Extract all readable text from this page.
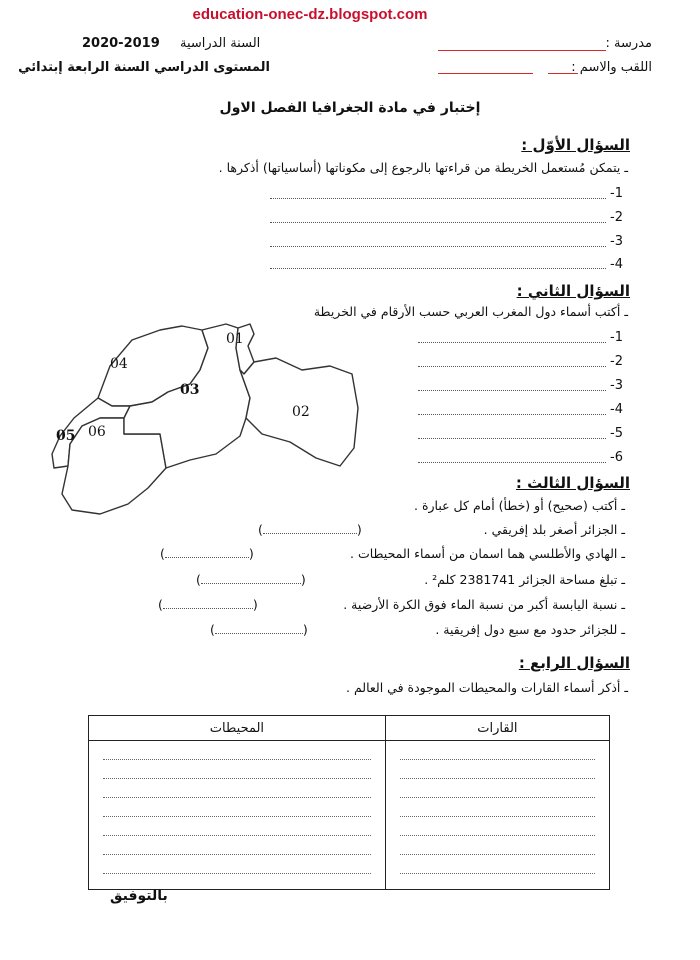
education-onec-dz.blogspot.com
مدرسة :
اللقب والاسم :
2020-2019 السنة الدراسية
المستوى الدراسي السنة الرابعة إبتدائي
إختبار في مادة الجغرافيا الفصل الاول
السؤال الأوّل :
ـ يتمكن مُستعمل الخريطة من قراءتها بالرجوع إلى مكوناتها (أساسياتها) أذكرها .
-1
-2
-3
-4
السؤال الثاني :
ـ أكتب أسماء دول المغرب العربي حسب الأرقام في الخريطة
04
03
01
02
05 06
-1
-2
-3
-4
-5
-6
السؤال الثالث :
ـ أكتب (صحيح) أو (خطأ) أمام كل عبارة .
ـ الجزائر أصغر بلد إفريقي .
(	)
ـ الهادي والأطلسي هما اسمان من أسماء المحيطات .
(	)
ـ تبلغ مساحة الجزائر 2381741 كلم² .
(	)
ـ نسبة اليابسة أكبر من نسبة الماء فوق الكرة الأرضية .
(	)
ـ للجزائر حدود مع سبع دول إفريقية .
(	)
السؤال الرابع :
ـ أذكر أسماء القارات والمحيطات الموجودة في العالم .
المحيطات	القارات

بالتوفيق
